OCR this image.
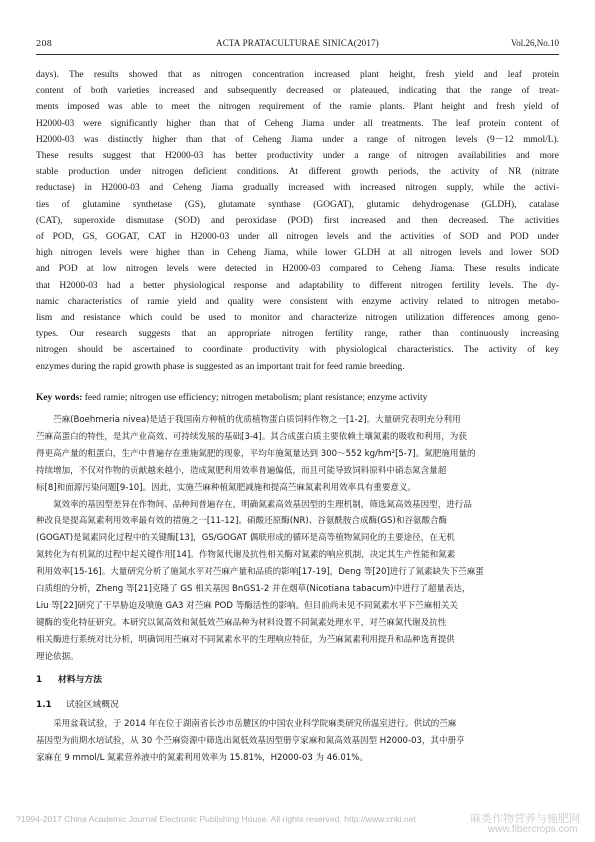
208	ACTA PRATACULTURAE SINICA(2017)	Vol.26,No.10
days). The results showed that as nitrogen concentration increased plant height, fresh yield and leaf protein
content of both varieties increased and subsequently decreased or plateaued, indicating that the range of treat-
ments imposed was able to meet the nitrogen requirement of the ramie plants. Plant height and fresh yield of
H2000-03 were significantly higher than that of Ceheng Jiama under all treatments. The leaf protein content of
H2000-03 was distinctly higher than that of Ceheng Jiama under a range of nitrogen levels (9－12 mmol/L).
These results suggest that H2000-03 has better productivity under a range of nitrogen availabilities and more
stable production under nitrogen deficient conditions. At different growth periods, the activity of NR (nitrate
reductase) in H2000-03 and Ceheng Jiama gradually increased with increased nitrogen supply, while the activi-
ties of glutamine synthetase (GS), glutamate synthase (GOGAT), glutamic dehydrogenase (GLDH), catalase
(CAT), superoxide dismutase (SOD) and peroxidase (POD) first increased and then decreased. The activities
of POD, GS, GOGAT, CAT in H2000-03 under all nitrogen levels and the activities of SOD and POD under
high nitrogen levels were higher than in Ceheng Jiama, while lower GLDH at all nitrogen levels and lower SOD
and POD at low nitrogen levels were detected in H2000-03 compared to Ceheng Jiama. These results indicate
that H2000-03 had a better physiological response and adaptability to different nitrogen fertility levels. The dy-
namic characteristics of ramie yield and quality were consistent with enzyme activity related to nitrogen metabo-
lism and resistance which could be used to monitor and characterize nitrogen utilization differences among geno-
types. Our research suggests that an appropriate nitrogen fertility range, rather than continuously increasing
nitrogen should be ascertained to coordinate productivity with physiological characteristics. The activity of key
enzymes during the rapid growth phase is suggested as an important trait for feed ramie breeding.
Key words: feed ramie; nitrogen use efficiency; nitrogen metabolism; plant resistance; enzyme activity
　　苎麻(Boehmeria nivea)是适于我国南方种植的优质植物蛋白质饲料作物之一[1-2]。大量研究表明充分利用
苎麻高蛋白的特性，是其产业高效、可持续发展的基础[3-4]。其合成蛋白质主要依赖土壤氮素的吸收和利用，为获
得更高产量的粗蛋白，生产中普遍存在重施氮肥的现象，平均年施氮量达到 300～552 kg/hm²[5-7]。氮肥施用量的
持续增加，不仅对作物的贡献越来越小，造成氮肥利用效率普遍偏低，而且可能导致饲料原料中硝态氮含量超
标[8]和面源污染问题[9-10]。因此，实施苎麻种植氮肥减施和提高苎麻氮素利用效率具有重要意义。
　　氮效率的基因型差异在作物间、品种间普遍存在，明确氮素高效基因型的生理机制，筛选氮高效基因型，进行品
种改良是提高氮素利用效率最有效的措施之一[11-12]。硝酸还原酶(NR)、谷氨酰胺合成酶(GS)和谷氨酸合酶
(GOGAT)是氮素同化过程中的关键酶[13]，GS/GOGAT 偶联形成的循环是高等植物氮同化的主要途径，在无机
氮转化为有机氮的过程中起关键作用[14]。作物氮代谢及抗性相关酶对氮素的响应机制，决定其生产性能和氮素
利用效率[15-16]。大量研究分析了施氮水平对苎麻产量和品质的影响[17-19]，Deng 等[20]进行了氮素缺失下苎麻蛋
白质组的分析，Zheng 等[21]克隆了 GS 相关基因 BnGS1-2 并在烟草(Nicotiana tabacum)中进行了超量表达，
Liu 等[22]研究了干旱胁迫及喷施 GA3 对苎麻 POD 等酶活性的影响。但目前尚未见不同氮素水平下苎麻相关关
键酶的变化特征研究。本研究以氮高效和氮低效苎麻品种为材料设置不同氮素处理水平，对苎麻氮代谢及抗性
相关酶进行系统对比分析，明确饲用苎麻对不同氮素水平的生理响应特征，为苎麻氮素利用提升和品种选育提供
理论依据。
1 材料与方法
1.1 试验区域概况
　　采用盆栽试验，于 2014 年在位于湖南省长沙市岳麓区的中国农业科学院麻类研究所温室进行。供试的苎麻
基因型为前期水培试验，从 30 个苎麻资源中筛选出氮低效基因型册亨家麻和氮高效基因型 H2000-03，其中册亨
家麻在 9 mmol/L 氮素营养液中的氮素利用效率为 15.81%，H2000-03 为 46.01%。
?1994-2017 China Academic Journal Electronic Publishing House. All rights reserved. http://www.cnki.net	麻类作物营养与施肥网
www.fibercrops.com
